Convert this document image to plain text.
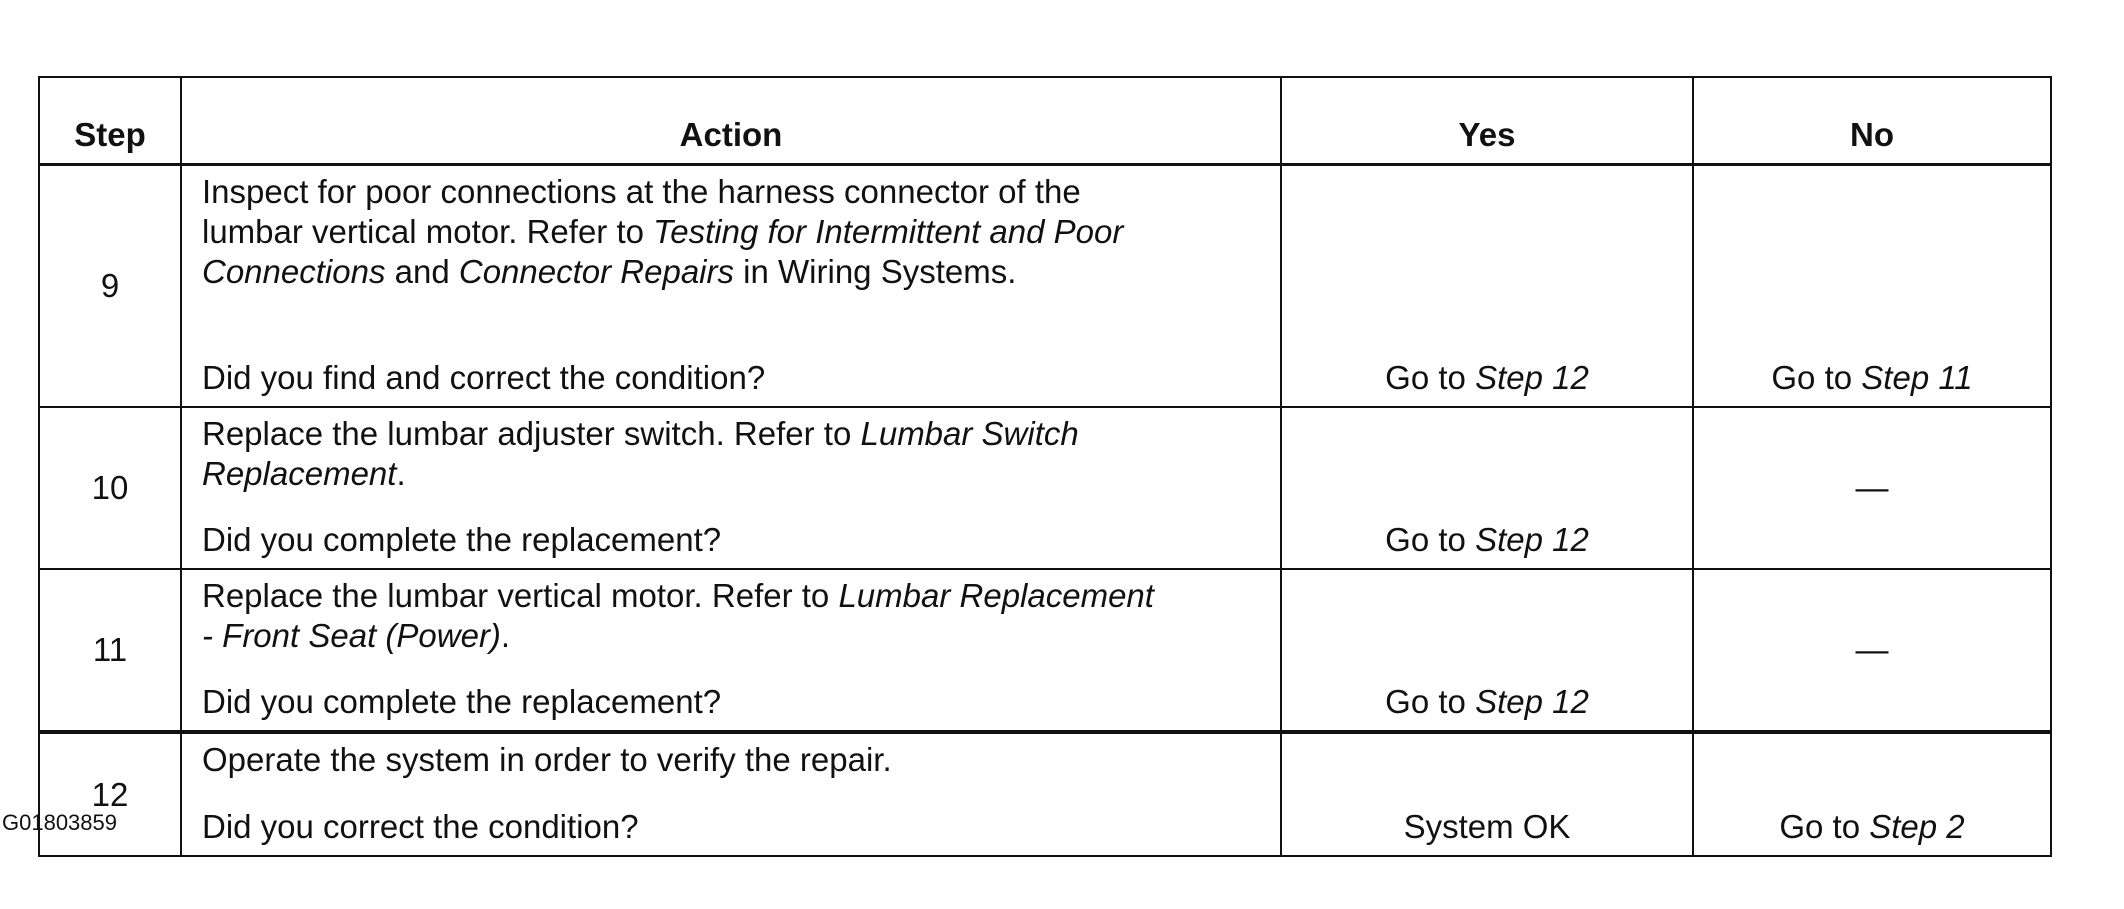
Step	Action	Yes	No
9	Inspect for poor connections at the harness connector of the
lumbar vertical motor. Refer to Testing for Intermittent and Poor
Connections and Connector Repairs in Wiring Systems.
Did you find and correct the condition?	Go to Step 12	Go to Step 11
10	Replace the lumbar adjuster switch. Refer to Lumbar Switch
Replacement.
Did you complete the replacement?	Go to Step 12	—
11	Replace the lumbar vertical motor. Refer to Lumbar Replacement
- Front Seat (Power).
Did you complete the replacement?	Go to Step 12	—
12	Operate the system in order to verify the repair.
Did you correct the condition?	System OK	Go to Step 2
G01803859
